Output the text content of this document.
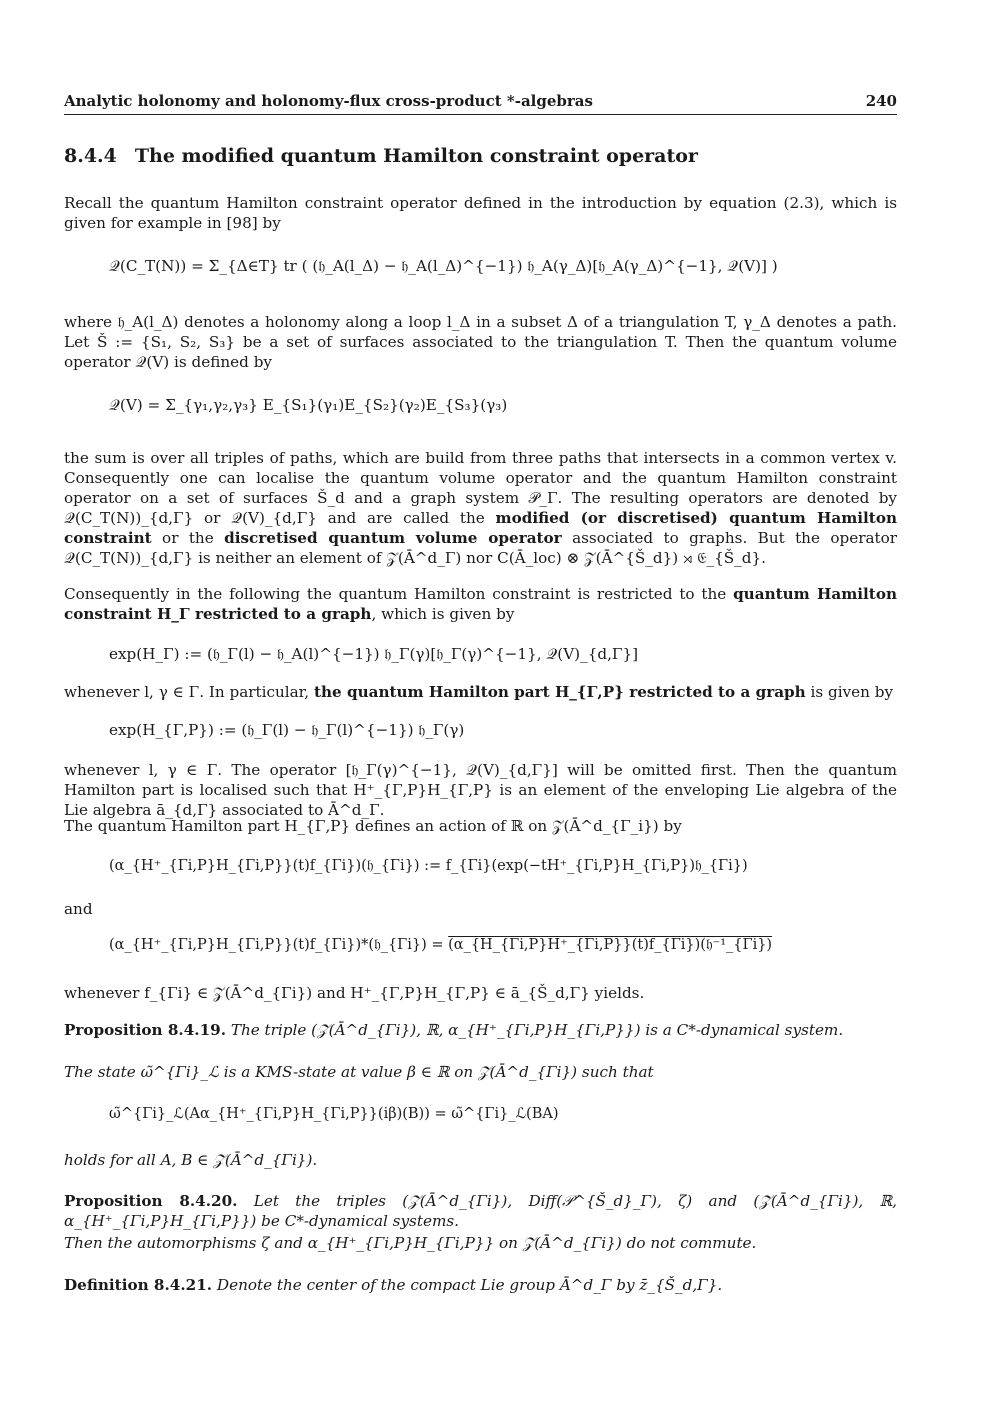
Analytic holonomy and holonomy-flux cross-product *-algebras	240
8.4.4 The modified quantum Hamilton constraint operator

Recall the quantum Hamilton constraint operator defined in the introduction by equation (2.3), which is given for example in [98] by

𝒬(C_T(N)) = Σ_{Δ∈T} tr ( (𝔥_A(l_Δ) − 𝔥_A(l_Δ)^{−1}) 𝔥_A(γ_Δ)[𝔥_A(γ_Δ)^{−1}, 𝒬(V)] )

where 𝔥_A(l_Δ) denotes a holonomy along a loop l_Δ in a subset Δ of a triangulation T, γ_Δ denotes a path. Let Š := {S₁, S₂, S₃} be a set of surfaces associated to the triangulation T. Then the quantum volume operator 𝒬(V) is defined by

𝒬(V) = Σ_{γ₁,γ₂,γ₃} E_{S₁}(γ₁)E_{S₂}(γ₂)E_{S₃}(γ₃)

the sum is over all triples of paths, which are build from three paths that intersects in a common vertex v. Consequently one can localise the quantum volume operator and the quantum Hamilton constraint operator on a set of surfaces Š_d and a graph system 𝒫_Γ. The resulting operators are denoted by 𝒬(C_T(N))_{d,Γ} or 𝒬(V)_{d,Γ} and are called the modified (or discretised) quantum Hamilton constraint or the discretised quantum volume operator associated to graphs. But the operator 𝒬(C_T(N))_{d,Γ} is neither an element of 𝒵(Ā^d_Γ) nor C(Ā_loc) ⊗ 𝒵(Ā^{Š_d}) ⋊ 𝔈_{Š_d}.

Consequently in the following the quantum Hamilton constraint is restricted to the quantum Hamilton constraint H_Γ restricted to a graph, which is given by

exp(H_Γ) := (𝔥_Γ(l) − 𝔥_A(l)^{−1}) 𝔥_Γ(γ)[𝔥_Γ(γ)^{−1}, 𝒬(V)_{d,Γ}]

whenever l, γ ∈ Γ. In particular, the quantum Hamilton part H_{Γ,P} restricted to a graph is given by

exp(H_{Γ,P}) := (𝔥_Γ(l) − 𝔥_Γ(l)^{−1}) 𝔥_Γ(γ)

whenever l, γ ∈ Γ. The operator [𝔥_Γ(γ)^{−1}, 𝒬(V)_{d,Γ}] will be omitted first. Then the quantum Hamilton part is localised such that H⁺_{Γ,P}H_{Γ,P} is an element of the enveloping Lie algebra of the Lie algebra ā_{d,Γ} associated to Ā^d_Γ.

The quantum Hamilton part H_{Γ,P} defines an action of ℝ on 𝒵(Ā^d_{Γ_i}) by

(α_{H⁺_{Γi,P}H_{Γi,P}}(t)f_{Γi})(𝔥_{Γi}) := f_{Γi}(exp(−tH⁺_{Γi,P}H_{Γi,P})𝔥_{Γi})

and

(α_{H⁺_{Γi,P}H_{Γi,P}}(t)f_{Γi})*(𝔥_{Γi}) = (α_{H_{Γi,P}H⁺_{Γi,P}}(t)f_{Γi})(𝔥⁻¹_{Γi})

whenever f_{Γi} ∈ 𝒵(Ā^d_{Γi}) and H⁺_{Γ,P}H_{Γ,P} ∈ ā_{Š_d,Γ} yields.

Proposition 8.4.19. The triple (𝒵(Ā^d_{Γi}), ℝ, α_{H⁺_{Γi,P}H_{Γi,P}}) is a C*-dynamical system.

The state ω̃^{Γi}_ℒ is a KMS-state at value β ∈ ℝ on 𝒵(Ā^d_{Γi}) such that

ω̃^{Γi}_ℒ(Aα_{H⁺_{Γi,P}H_{Γi,P}}(iβ)(B)) = ω̃^{Γi}_ℒ(BA)

holds for all A, B ∈ 𝒵(Ā^d_{Γi}).

Proposition 8.4.20. Let the triples (𝒵(Ā^d_{Γi}), Diff(𝒫^{Š_d}_Γ), ζ) and (𝒵(Ā^d_{Γi}), ℝ, α_{H⁺_{Γi,P}H_{Γi,P}}) be C*-dynamical systems.

Then the automorphisms ζ and α_{H⁺_{Γi,P}H_{Γi,P}} on 𝒵(Ā^d_{Γi}) do not commute.

Definition 8.4.21. Denote the center of the compact Lie group Ā^d_Γ by z̄_{Š_d,Γ}.
